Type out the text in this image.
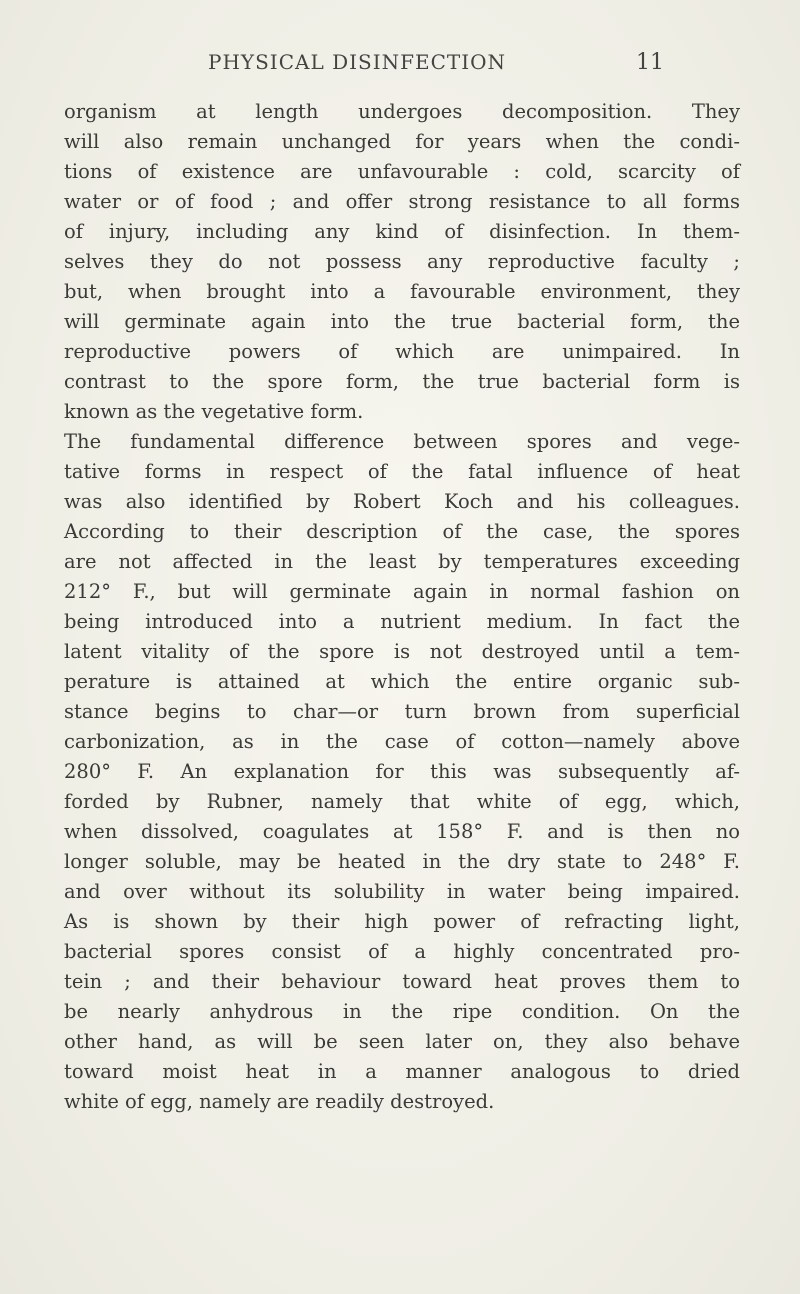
PHYSICAL DISINFECTION	11
organism at length undergoes decomposition. They
will also remain unchanged for years when the condi-
tions of existence are unfavourable : cold, scarcity of
water or of food ; and offer strong resistance to all forms
of injury, including any kind of disinfection. In them-
selves they do not possess any reproductive faculty ;
but, when brought into a favourable environment, they
will germinate again into the true bacterial form, the
reproductive powers of which are unimpaired. In
contrast to the spore form, the true bacterial form is
known as the vegetative form.
The fundamental difference between spores and vege-
tative forms in respect of the fatal influence of heat
was also identified by Robert Koch and his colleagues.
According to their description of the case, the spores
are not affected in the least by temperatures exceeding
212° F., but will germinate again in normal fashion on
being introduced into a nutrient medium. In fact the
latent vitality of the spore is not destroyed until a tem-
perature is attained at which the entire organic sub-
stance begins to char—or turn brown from superficial
carbonization, as in the case of cotton—namely above
280° F. An explanation for this was subsequently af-
forded by Rubner, namely that white of egg, which,
when dissolved, coagulates at 158° F. and is then no
longer soluble, may be heated in the dry state to 248° F.
and over without its solubility in water being impaired.
As is shown by their high power of refracting light,
bacterial spores consist of a highly concentrated pro-
tein ; and their behaviour toward heat proves them to
be nearly anhydrous in the ripe condition. On the
other hand, as will be seen later on, they also behave
toward moist heat in a manner analogous to dried
white of egg, namely are readily destroyed.
